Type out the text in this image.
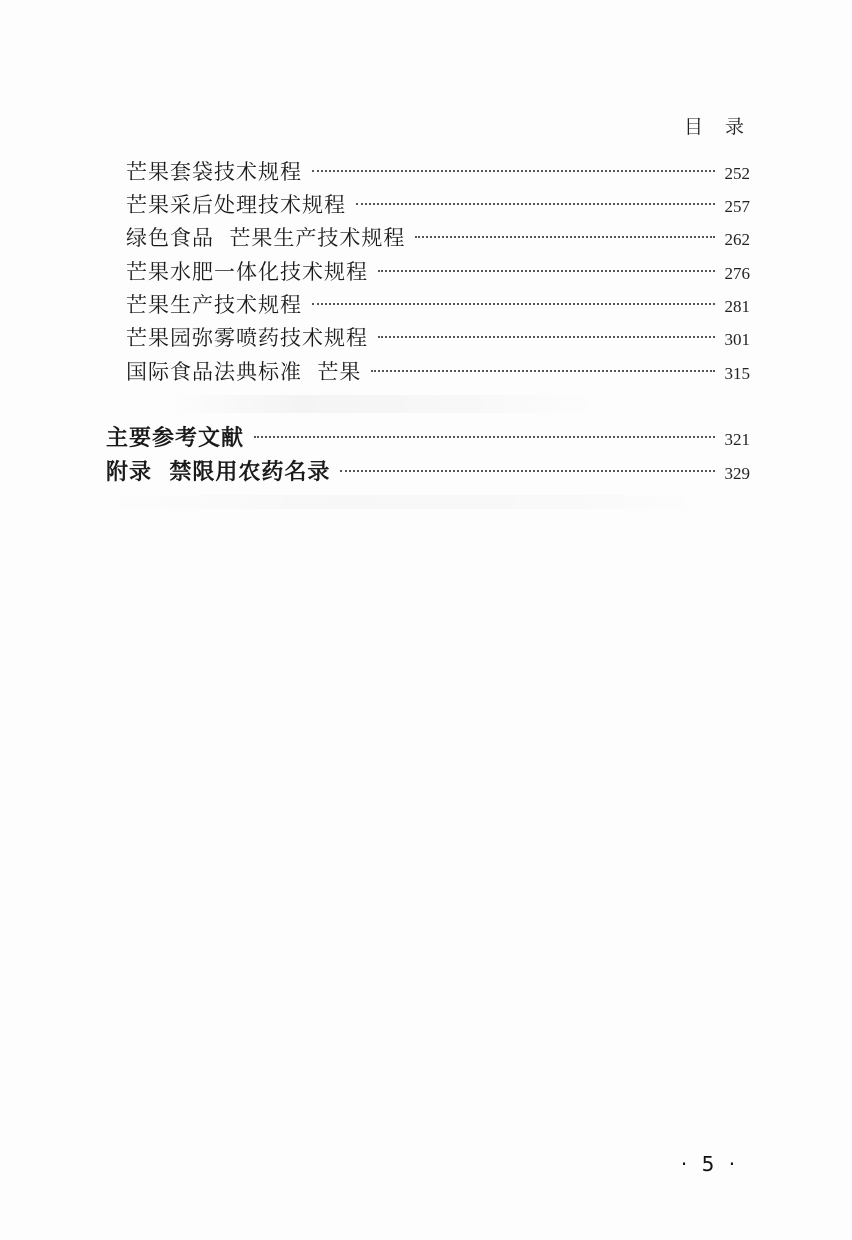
目 录
芒果套袋技术规程	252
芒果采后处理技术规程	257
绿色食品  芒果生产技术规程	262
芒果水肥一体化技术规程	276
芒果生产技术规程	281
芒果园弥雾喷药技术规程	301
国际食品法典标准  芒果	315
主要参考文献	321
附录  禁限用农药名录	329
· 5 ·
